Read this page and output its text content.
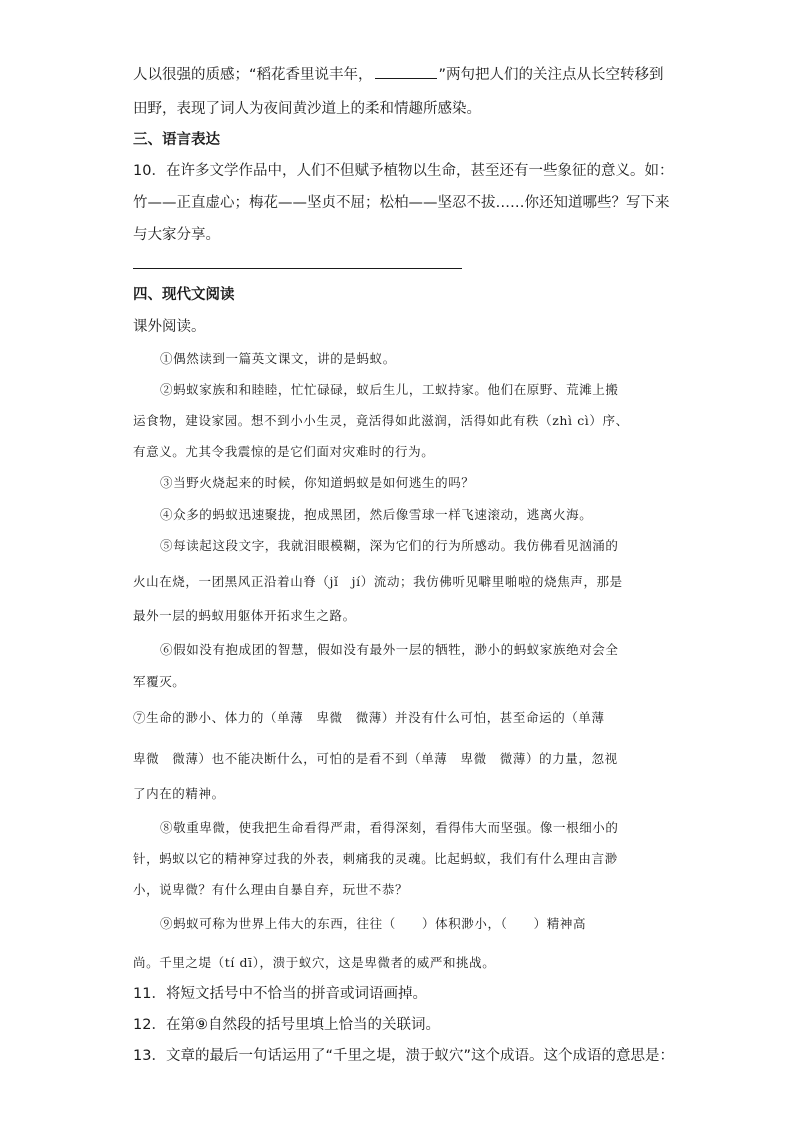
人以很强的质感；“稻花香里说丰年，	”两句把人们的关注点从长空转移到
田野，表现了词人为夜间黄沙道上的柔和情趣所感染。
三、语言表达
10．在许多文学作品中，人们不但赋予植物以生命，甚至还有一些象征的意义。如：
竹——正直虚心；梅花——坚贞不屈；松柏——坚忍不拔……你还知道哪些？写下来
与大家分享。
四、现代文阅读
课外阅读。
①偶然读到一篇英文课文，讲的是蚂蚁。
②蚂蚁家族和和睦睦，忙忙碌碌，蚁后生儿，工蚁持家。他们在原野、荒滩上搬
运食物，建设家园。想不到小小生灵，竟活得如此滋润，活得如此有秩（zhì cì）序、
有意义。尤其令我震惊的是它们面对灾难时的行为。
③当野火烧起来的时候，你知道蚂蚁是如何逃生的吗？
④众多的蚂蚁迅速聚拢，抱成黑团，然后像雪球一样飞速滚动，逃离火海。
⑤每读起这段文字，我就泪眼模糊，深为它们的行为所感动。我仿佛看见汹涌的
火山在烧，一团黑风正沿着山脊（jǐ　jí）流动；我仿佛听见噼里啪啦的烧焦声，那是
最外一层的蚂蚁用躯体开拓求生之路。
⑥假如没有抱成团的智慧，假如没有最外一层的牺牲，渺小的蚂蚁家族绝对会全
军覆灭。
⑦生命的渺小、体力的（单薄　卑微　微薄）并没有什么可怕，甚至命运的（单薄
卑微　微薄）也不能决断什么，可怕的是看不到（单薄　卑微　微薄）的力量，忽视
了内在的精神。
⑧敬重卑微，使我把生命看得严肃，看得深刻，看得伟大而坚强。像一根细小的
针，蚂蚁以它的精神穿过我的外表，刺痛我的灵魂。比起蚂蚁，我们有什么理由言渺
小，说卑微？有什么理由自暴自弃，玩世不恭？
⑨蚂蚁可称为世界上伟大的东西，往往（　　）体积渺小，（　　）精神高
尚。千里之堤（tí dī），溃于蚁穴，这是卑微者的威严和挑战。
11．将短文括号中不恰当的拼音或词语画掉。
12．在第⑨自然段的括号里填上恰当的关联词。
13．文章的最后一句话运用了“千里之堤，溃于蚁穴”这个成语。这个成语的意思是：
